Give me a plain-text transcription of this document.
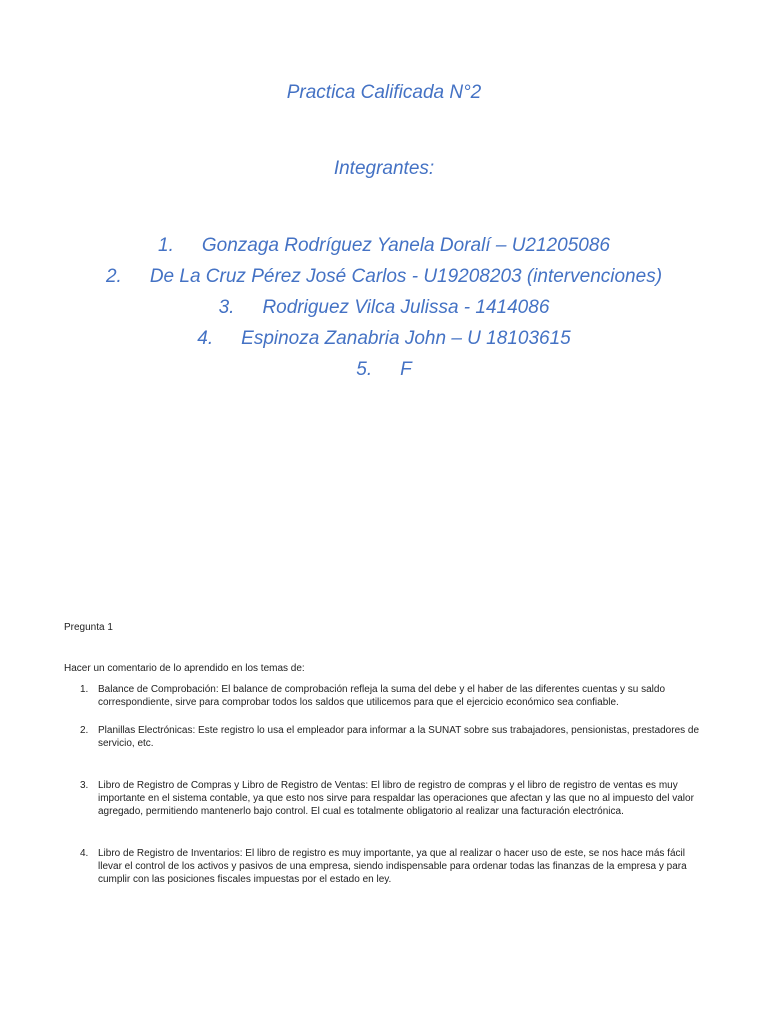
Practica Calificada N°2
Integrantes:
1. Gonzaga Rodríguez Yanela Doralí – U21205086
2. De La Cruz Pérez José Carlos - U19208203 (intervenciones)
3. Rodriguez Vilca Julissa - 1414086
4. Espinoza Zanabria John – U 18103615
5. F
Pregunta 1
Hacer un comentario de lo aprendido en los temas de:
1. Balance de Comprobación: El balance de comprobación refleja la suma del debe y el haber de las diferentes cuentas y su saldo correspondiente, sirve para comprobar todos los saldos que utilicemos para que el ejercicio económico sea confiable.
2. Planillas Electrónicas: Este registro lo usa el empleador para informar a la SUNAT sobre sus trabajadores, pensionistas, prestadores de servicio, etc.
3. Libro de Registro de Compras y Libro de Registro de Ventas: El libro de registro de compras y el libro de registro de ventas es muy importante en el sistema contable, ya que esto nos sirve para respaldar las operaciones que afectan y las que no al impuesto del valor agregado, permitiendo mantenerlo bajo control. El cual es totalmente obligatorio al realizar una facturación electrónica.
4. Libro de Registro de Inventarios: El libro de registro es muy importante, ya que al realizar o hacer uso de este, se nos hace más fácil llevar el control de los activos y pasivos de una empresa, siendo indispensable para ordenar todas las finanzas de la empresa y para cumplir con las posiciones fiscales impuestas por el estado en ley.
